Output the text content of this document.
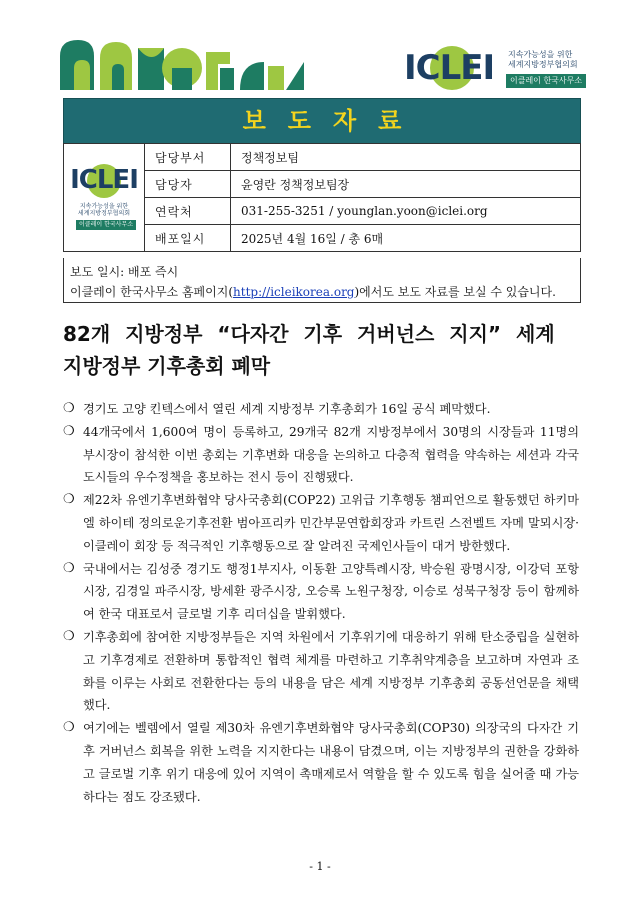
ICLEI	지속가능성을 위한
세계지방정부협의회
이클레이 한국사무소
보도자료
ICLEI
지속가능성을 위한
세계지방정부협의회
이클레이 한국사무소	담당부서	정책정보팀
	담당자	윤영란 정책정보팀장
	연락처	031-255-3251 / younglan.yoon@iclei.org
	배포일시	2025년 4월 16일 / 총 6매
보도 일시: 배포 즉시
이클레이 한국사무소 홈페이지(http://icleikorea.org)에서도 보도 자료를 보실 수 있습니다.
82개 지방정부 “다자간 기후 거버넌스 지지” 세계
지방정부 기후총회 폐막
❍ 경기도 고양 킨텍스에서 열린 세계 지방정부 기후총회가 16일 공식 폐막했다.
❍ 44개국에서 1,600여 명이 등록하고, 29개국 82개 지방정부에서 30명의 시장들과 11명의 부시장이 참석한 이번 총회는 기후변화 대응을 논의하고 다층적 협력을 약속하는 세션과 각국 도시들의 우수정책을 홍보하는 전시 등이 진행됐다.
❍ 제22차 유엔기후변화협약 당사국총회(COP22) 고위급 기후행동 챔피언으로 활동했던 하키마 엘 하이테 정의로운기후전환 범아프리카 민간부문연합회장과 카트린 스전벨트 자메 말뫼시장·이클레이 회장 등 적극적인 기후행동으로 잘 알려진 국제인사들이 대거 방한했다.
❍ 국내에서는 김성중 경기도 행정1부지사, 이동환 고양특례시장, 박승원 광명시장, 이강덕 포항시장, 김경일 파주시장, 방세환 광주시장, 오승록 노원구청장, 이승로 성북구청장 등이 함께하여 한국 대표로서 글로벌 기후 리더십을 발휘했다.
❍ 기후총회에 참여한 지방정부들은 지역 차원에서 기후위기에 대응하기 위해 탄소중립을 실현하고 기후경제로 전환하며 통합적인 협력 체계를 마련하고 기후취약계층을 보고하며 자연과 조화를 이루는 사회로 전환한다는 등의 내용을 담은 세계 지방정부 기후총회 공동선언문을 채택했다.
❍ 여기에는 벨렘에서 열릴 제30차 유엔기후변화협약 당사국총회(COP30) 의장국의 다자간 기후 거버넌스 회복을 위한 노력을 지지한다는 내용이 담겼으며, 이는 지방정부의 권한을 강화하고 글로벌 기후 위기 대응에 있어 지역이 촉매제로서 역할을 할 수 있도록 힘을 실어줄 때 가능하다는 점도 강조됐다.
- 1 -
